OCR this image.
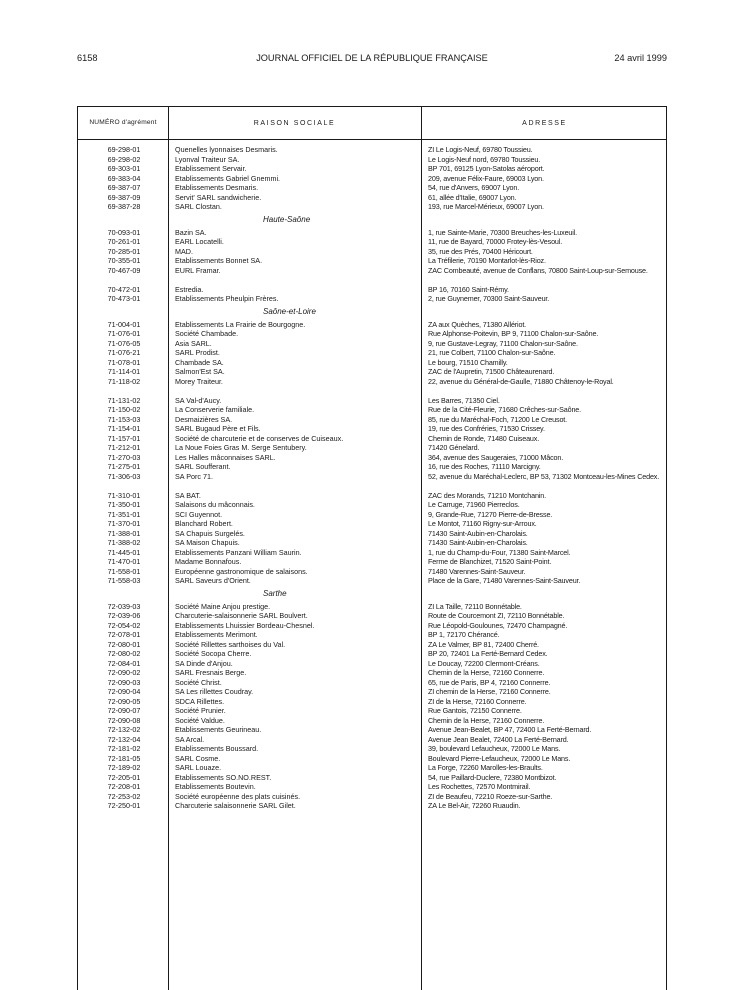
6158	JOURNAL OFFICIEL DE LA RÉPUBLIQUE FRANÇAISE	24 avril 1999
NUMÉRO d'agrément	RAISON SOCIALE	ADRESSE
69-298-01	Quenelles lyonnaises Desmaris.	ZI Le Logis-Neuf, 69780 Toussieu.
69-298-02	Lyonval Traiteur SA.	Le Logis-Neuf nord, 69780 Toussieu.
69-303-01	Etablissement Servair.	BP 701, 69125 Lyon-Satolas aéroport.
69-383-04	Etablissements Gabriel Gnemmi.	209, avenue Félix-Faure, 69003 Lyon.
69-387-07	Etablissements Desmaris.	54, rue d'Anvers, 69007 Lyon.
69-387-09	Servit' SARL sandwicherie.	61, allée d'Italie, 69007 Lyon.
69-387-28	SARL Clostan.	193, rue Marcel-Mérieux, 69007 Lyon.
Haute-Saône
70-093-01	Bazin SA.	1, rue Sainte-Marie, 70300 Breuches-les-Luxeuil.
70-261-01	EARL Locatelli.	11, rue de Bayard, 70000 Frotey-lès-Vesoul.
70-285-01	MAD.	35, rue des Prés, 70400 Héricourt.
70-355-01	Etablissements Bonnet SA.	La Tréfilerie, 70190 Montarlot-lès-Rioz.
70-467-09	EURL Framar.	ZAC Combeauté, avenue de Conflans, 70800 Saint-Loup-sur-Semouse.
70-472-01	Estredia.	BP 16, 70160 Saint-Rémy.
70-473-01	Etablissements Pheulpin Frères.	2, rue Guynemer, 70300 Saint-Sauveur.
Saône-et-Loire
71-004-01	Etablissements La Frairie de Bourgogne.	ZA aux Quèches, 71380 Allériot.
71-076-01	Société Chambade.	Rue Alphonse-Poitevin, BP 9, 71100 Chalon-sur-Saône.
71-076-05	Asia SARL.	9, rue Gustave-Legray, 71100 Chalon-sur-Saône.
71-076-21	SARL Prodist.	21, rue Colbert, 71100 Chalon-sur-Saône.
71-078-01	Chambade SA.	Le bourg, 71510 Chamilly.
71-114-01	Salmon'Est SA.	ZAC de l'Aupretin, 71500 Châteaurenard.
71-118-02	Morey Traiteur.	22, avenue du Général-de-Gaulle, 71880 Châtenoy-le-Royal.
71-131-02	SA Val-d'Aucy.	Les Barres, 71350 Ciel.
71-150-02	La Conserverie familiale.	Rue de la Cité-Fleurie, 71680 Crêches-sur-Saône.
71-153-03	Desmaizières SA.	85, rue du Maréchal-Foch, 71200 Le Creusot.
71-154-01	SARL Bugaud Père et Fils.	19, rue des Confréries, 71530 Crissey.
71-157-01	Société de charcuterie et de conserves de Cuiseaux.	Chemin de Ronde, 71480 Cuiseaux.
71-212-01	La Noue Foies Gras M. Serge Sentubery.	71420 Génelard.
71-270-03	Les Halles mâconnaises SARL.	364, avenue des Saugeraies, 71000 Mâcon.
71-275-01	SARL Soufferant.	16, rue des Roches, 71110 Marcigny.
71-306-03	SA Porc 71.	52, avenue du Maréchal-Leclerc, BP 53, 71302 Montceau-les-Mines Cedex.
71-310-01	SA BAT.	ZAC des Morands, 71210 Montchanin.
71-350-01	Salaisons du mâconnais.	Le Carruge, 71960 Pierreclos.
71-351-01	SCI Guyennot.	9, Grande-Rue, 71270 Pierre-de-Bresse.
71-370-01	Blanchard Robert.	Le Montot, 71160 Rigny-sur-Arroux.
71-388-01	SA Chapuis Surgelés.	71430 Saint-Aubin-en-Charolais.
71-388-02	SA Maison Chapuis.	71430 Saint-Aubin-en-Charolais.
71-445-01	Etablissements Panzani William Saurin.	1, rue du Champ-du-Four, 71380 Saint-Marcel.
71-470-01	Madame Bonnafous.	Ferme de Blanchizet, 71520 Saint-Point.
71-558-01	Européenne gastronomique de salaisons.	71480 Varennes-Saint-Sauveur.
71-558-03	SARL Saveurs d'Orient.	Place de la Gare, 71480 Varennes-Saint-Sauveur.
Sarthe
72-039-03	Société Maine Anjou prestige.	ZI La Taille, 72110 Bonnétable.
72-039-06	Charcuterie-salaisonnerie SARL Boulvert.	Route de Courcemont ZI, 72110 Bonnétable.
72-054-02	Etablissements Lhuissier Bordeau-Chesnel.	Rue Léopold-Goulounes, 72470 Champagné.
72-078-01	Etablissements Merimont.	BP 1, 72170 Chérancé.
72-080-01	Société Rillettes sarthoises du Val.	ZA Le Valmer, BP 81, 72400 Cherré.
72-080-02	Société Socopa Cherre.	BP 20, 72401 La Ferté-Bernard Cedex.
72-084-01	SA Dinde d'Anjou.	Le Doucay, 72200 Clermont-Créans.
72-090-02	SARL Fresnais Berge.	Chemin de la Herse, 72160 Connerre.
72-090-03	Société Christ.	65, rue de Paris, BP 4, 72160 Connerre.
72-090-04	SA Les rillettes Coudray.	ZI chemin de la Herse, 72160 Connerre.
72-090-05	SDCA Rillettes.	ZI de la Herse, 72160 Connerre.
72-090-07	Société Prunier.	Rue Gantois, 72150 Connerre.
72-090-08	Société Valdue.	Chemin de la Herse, 72160 Connerre.
72-132-02	Etablissements Geurineau.	Avenue Jean-Bealet, BP 47, 72400 La Ferté-Bernard.
72-132-04	SA Arcal.	Avenue Jean Bealet, 72400 La Ferté-Bernard.
72-181-02	Etablissements Boussard.	39, boulevard Lefaucheux, 72000 Le Mans.
72-181-05	SARL Cosme.	Boulevard Pierre-Lefaucheux, 72000 Le Mans.
72-189-02	SARL Louaze.	La Forge, 72260 Marolles-les-Braults.
72-205-01	Etablissements SO.NO.REST.	54, rue Paillard-Duclere, 72380 Montbizot.
72-208-01	Etablissements Boutevin.	Les Rochettes, 72570 Montmirail.
72-253-02	Société européenne des plats cuisinés.	ZI de Beaufeu, 72210 Roeze-sur-Sarthe.
72-250-01	Charcuterie salaisonnerie SARL Gilet.	ZA Le Bel-Air, 72260 Ruaudin.
